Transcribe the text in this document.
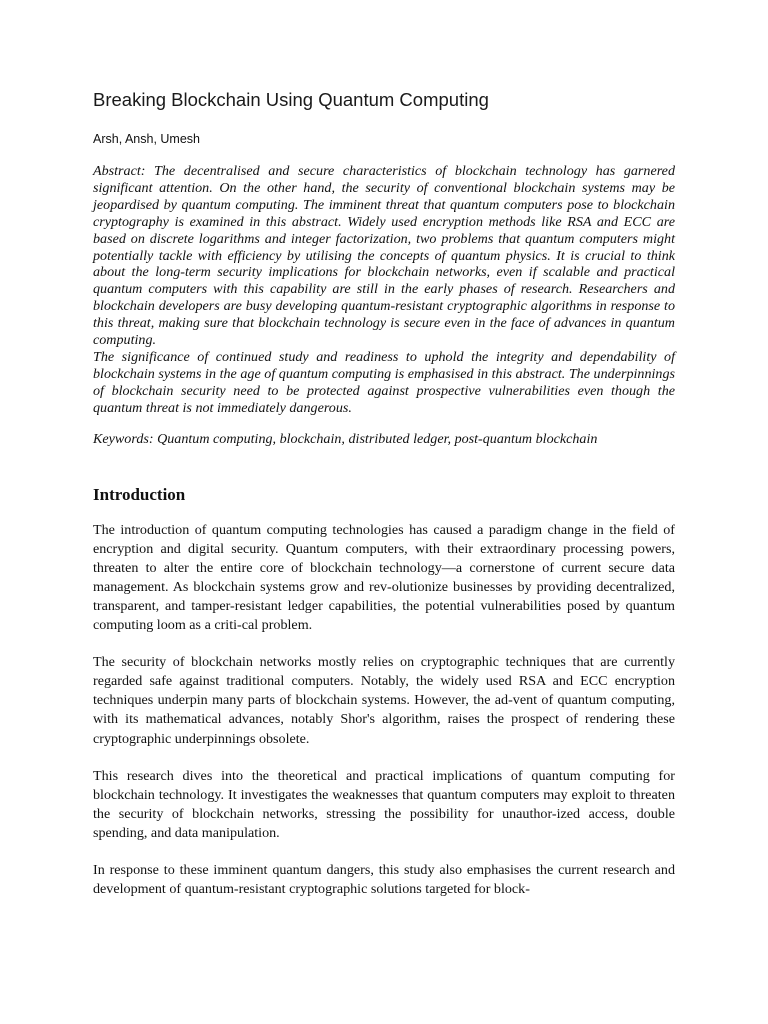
Breaking Blockchain Using Quantum Computing
Arsh, Ansh, Umesh

Abstract: The decentralised and secure characteristics of blockchain technology has garnered significant attention. On the other hand, the security of conventional blockchain systems may be jeopardised by quantum computing. The imminent threat that quantum computers pose to blockchain cryptography is examined in this abstract. Widely used encryption methods like RSA and ECC are based on discrete logarithms and integer factorization, two problems that quantum computers might potentially tackle with efficiency by utilising the concepts of quantum physics. It is crucial to think about the long-term security implications for blockchain networks, even if scalable and practical quantum computers with this capability are still in the early phases of research. Researchers and blockchain developers are busy developing quantum-resistant cryptographic algorithms in response to this threat, making sure that blockchain technology is secure even in the face of advances in quantum computing.

The significance of continued study and readiness to uphold the integrity and dependability of blockchain systems in the age of quantum computing is emphasised in this abstract. The underpinnings of blockchain security need to be protected against prospective vulnerabilities even though the quantum threat is not immediately dangerous.

Keywords: Quantum computing, blockchain, distributed ledger, post-quantum blockchain
Introduction

The introduction of quantum computing technologies has caused a paradigm change in the field of encryption and digital security. Quantum computers, with their extraordinary processing powers, threaten to alter the entire core of blockchain technology—a cornerstone of current secure data management. As blockchain systems grow and rev-olutionize businesses by providing decentralized, transparent, and tamper-resistant ledger capabilities, the potential vulnerabilities posed by quantum computing loom as a criti-cal problem.

The security of blockchain networks mostly relies on cryptographic techniques that are currently regarded safe against traditional computers. Notably, the widely used RSA and ECC encryption techniques underpin many parts of blockchain systems. However, the ad-vent of quantum computing, with its mathematical advances, notably Shor's algorithm, raises the prospect of rendering these cryptographic underpinnings obsolete.

This research dives into the theoretical and practical implications of quantum computing for blockchain technology. It investigates the weaknesses that quantum computers may exploit to threaten the security of blockchain networks, stressing the possibility for unauthor-ized access, double spending, and data manipulation.

In response to these imminent quantum dangers, this study also emphasises the current research and development of quantum-resistant cryptographic solutions targeted for block-
